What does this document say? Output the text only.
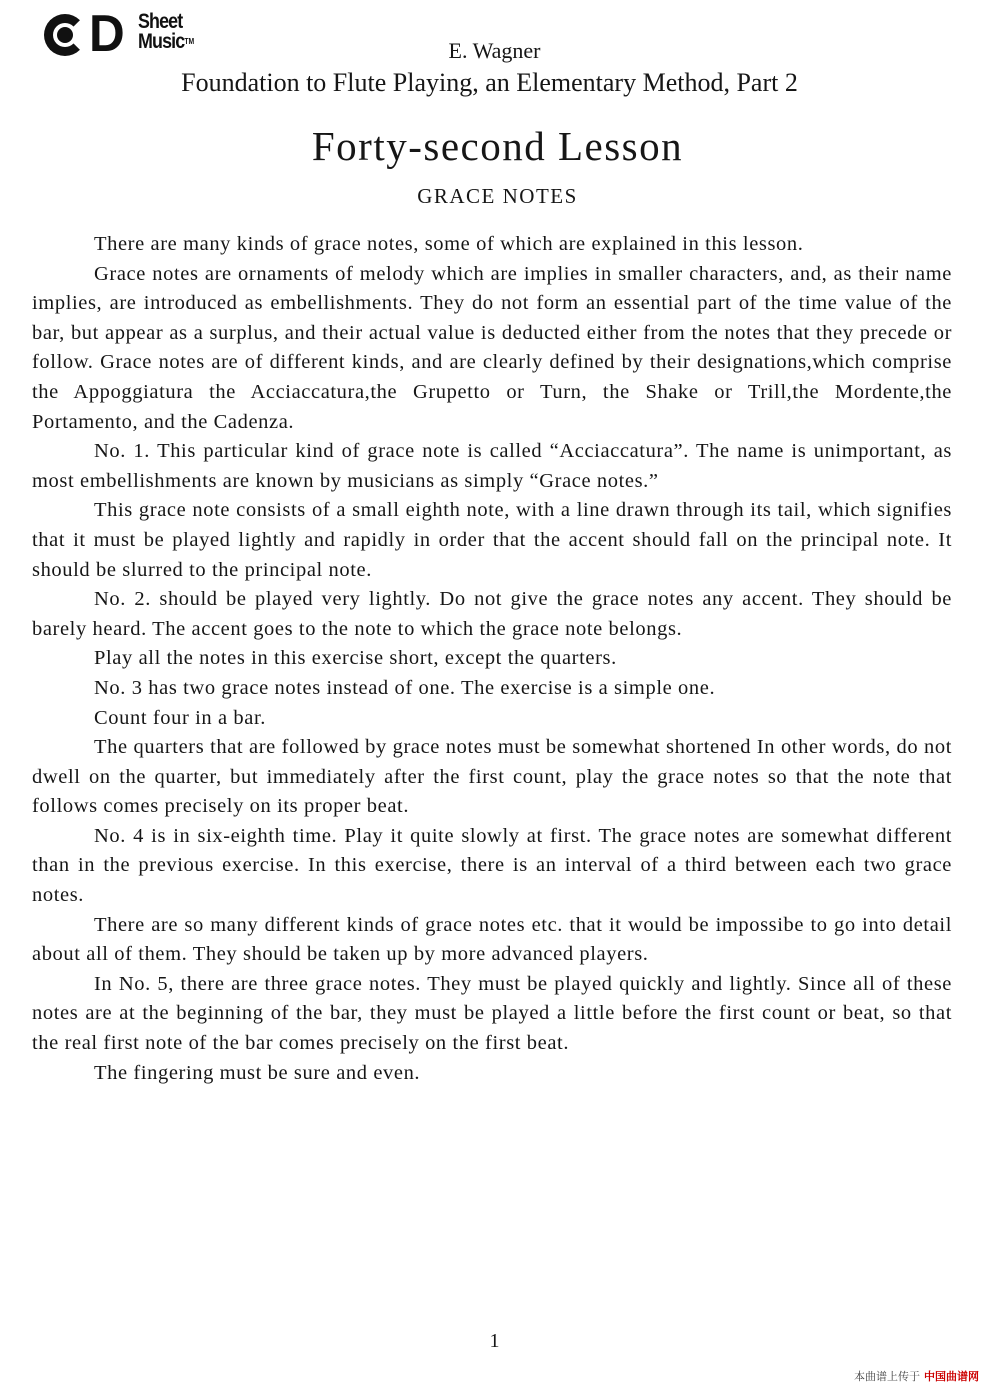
D Sheet
Music™	E. Wagner
Foundation to Flute Playing, an Elementary Method, Part 2
Forty-second Lesson
GRACE NOTES

There are many kinds of grace notes, some of which are explained in this lesson.

Grace notes are ornaments of melody which are implies in smaller characters, and, as their name implies, are introduced as embellishments. They do not form an essential part of the time value of the bar, but appear as a surplus, and their actual value is deducted either from the notes that they precede or follow. Grace notes are of different kinds, and are clearly defined by their designations,which comprise the Appoggiatura the Acciaccatura,the Grupetto or Turn, the Shake or Trill,the Mordente,the Portamento, and the Cadenza.

No. 1. This particular kind of grace note is called “Acciaccatura”. The name is unimportant, as most embellishments are known by musicians as simply “Grace notes.”

This grace note consists of a small eighth note, with a line drawn through its tail, which signifies that it must be played lightly and rapidly in order that the accent should fall on the principal note. It should be slurred to the principal note.

No. 2. should be played very lightly. Do not give the grace notes any accent. They should be barely heard. The accent goes to the note to which the grace note belongs.

Play all the notes in this exercise short, except the quarters.

No. 3 has two grace notes instead of one. The exercise is a simple one.

Count four in a bar.

The quarters that are followed by grace notes must be somewhat shortened In other words, do not dwell on the quarter, but immediately after the first count, play the grace notes so that the note that follows comes precisely on its proper beat.

No. 4 is in six-eighth time. Play it quite slowly at first. The grace notes are somewhat different than in the previous exercise. In this exercise, there is an interval of a third between each two grace notes.

There are so many different kinds of grace notes etc. that it would be impossibe to go into detail about all of them. They should be taken up by more advanced players.

In No. 5, there are three grace notes. They must be played quickly and lightly. Since all of these notes are at the beginning of the bar, they must be played a little before the first count or beat, so that the real first note of the bar comes precisely on the first beat.

The fingering must be sure and even.

1
本曲谱上传于 中国曲谱网
